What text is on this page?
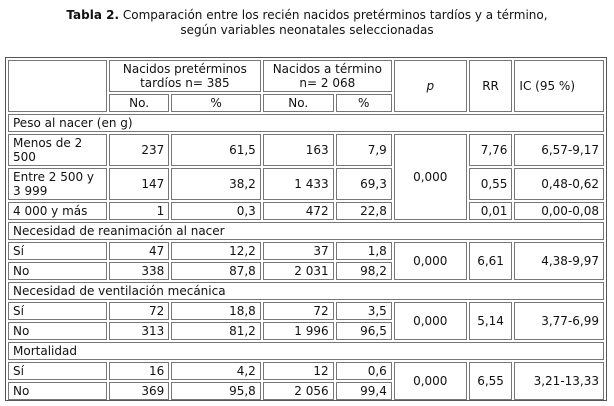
Tabla 2. Comparación entre los recién nacidos pretérminos tardíos y a término,
según variables neonatales seleccionadas
	Nacidos pretérminos
tardíos n= 385		Nacidos a término
n= 2 068		p	RR	IC (95 %)
	No.	%	No.	%			
Peso al nacer (en g)							
Menos de 2 500	237	61,5	163	7,9	0,000	7,76	6,57-9,17
Entre 2 500 y 3 999	147	38,2	1 433	69,3		0,55	0,48-0,62
4 000 y más	1	0,3	472	22,8		0,01	0,00-0,08
Necesidad de reanimación al nacer							
Sí	47	12,2	37	1,8	0,000	6,61	4,38-9,97
No	338	87,8	2 031	98,2			
Necesidad de ventilación mecánica							
Sí	72	18,8	72	3,5	0,000	5,14	3,77-6,99
No	313	81,2	1 996	96,5			
Mortalidad							
Sí	16	4,2	12	0,6	0,000	6,55	3,21-13,33
No	369	95,8	2 056	99,4			
